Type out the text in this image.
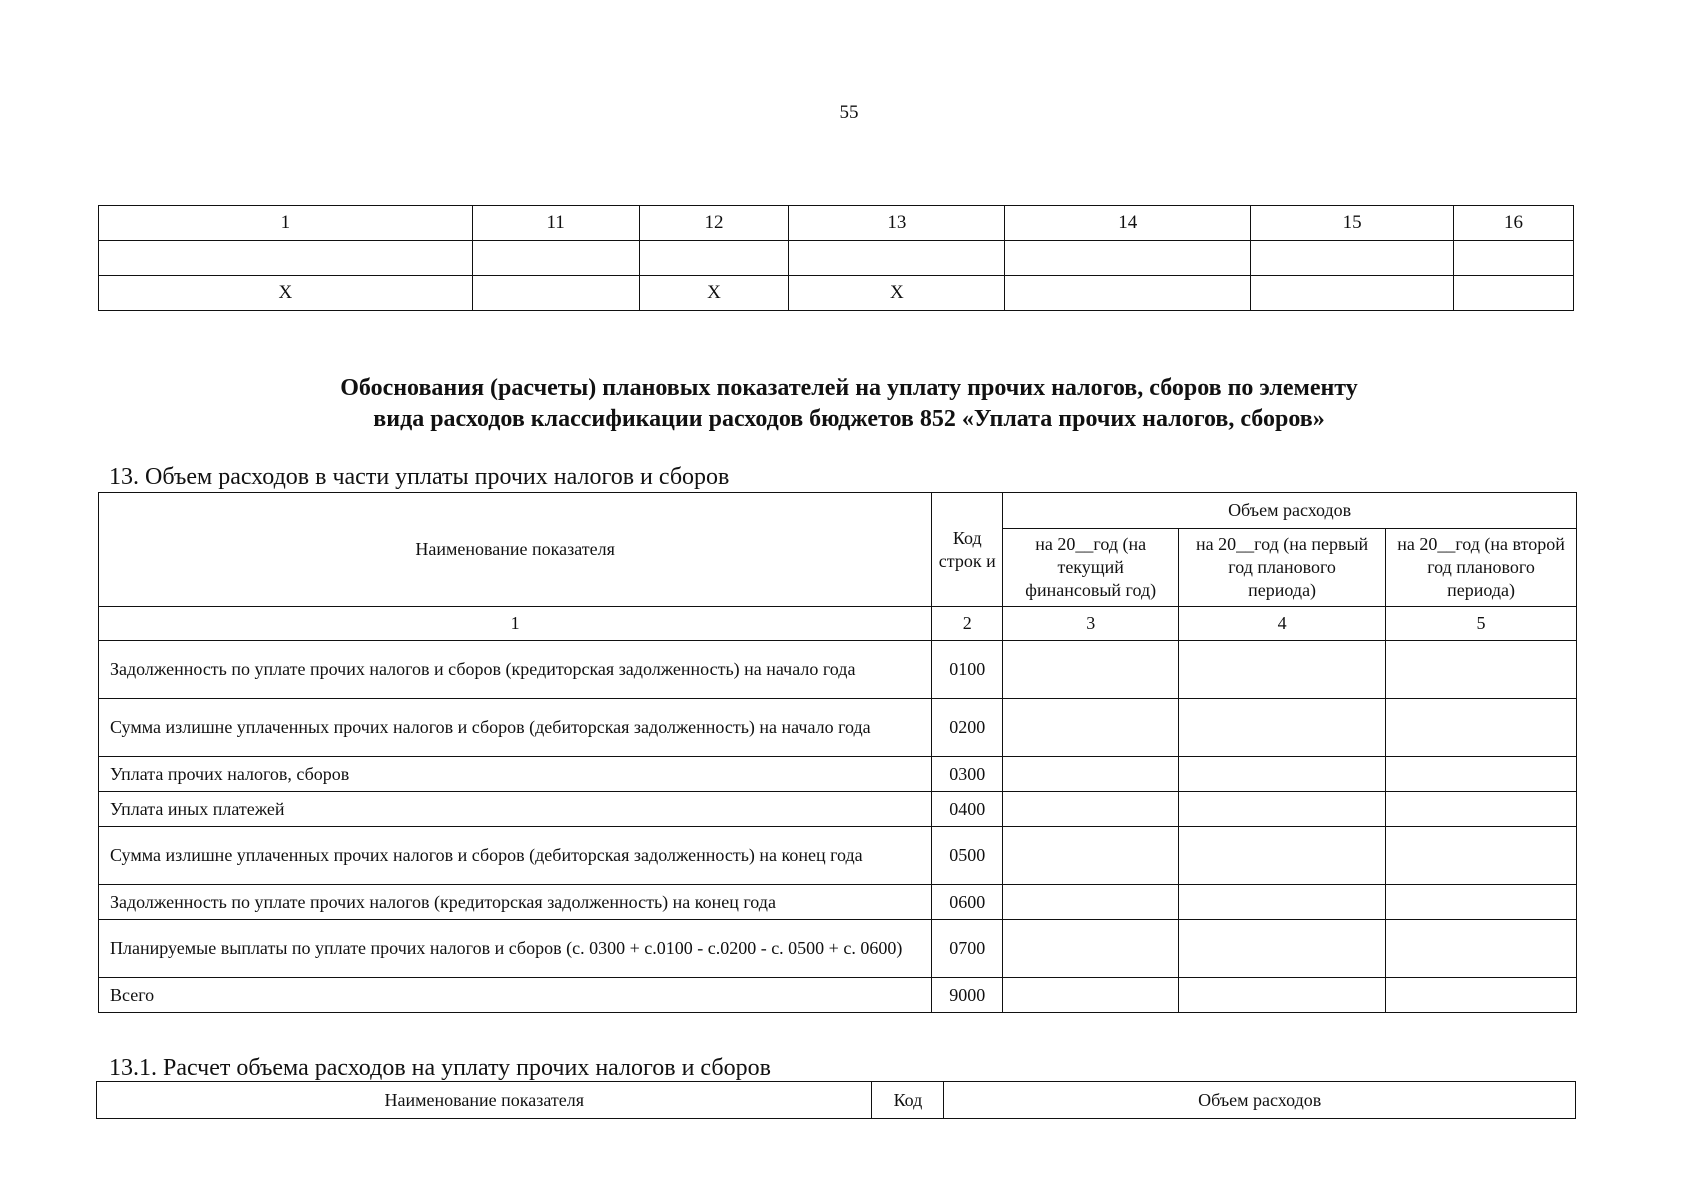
55
1	11	12	13	14	15	16

Х		Х	Х			
Обоснования (расчеты) плановых показателей на уплату прочих налогов, сборов по элементу
вида расходов классификации расходов бюджетов 852 «Уплата прочих налогов, сборов»
13. Объем расходов в части уплаты прочих налогов и сборов
Наименование показателя	Код строк и	Объем расходов		
		на 20__год (на текущий финансовый год)	на 20__год (на первый год планового периода)	на 20__год (на второй год планового периода)
1	2	3	4	5
Задолженность по уплате прочих налогов и сборов (кредиторская задолженность) на начало года	0100			
Сумма излишне уплаченных прочих налогов и сборов (дебиторская задолженность) на начало года	0200			
Уплата прочих налогов, сборов	0300			
Уплата иных платежей	0400			
Сумма излишне уплаченных прочих налогов и сборов (дебиторская задолженность) на конец года	0500			
Задолженность по уплате прочих налогов (кредиторская задолженность) на конец года	0600			
Планируемые выплаты по уплате прочих налогов и сборов (с. 0300 + с.0100 - с.0200 - с. 0500 + с. 0600)	0700			
Всего	9000			
13.1. Расчет объема расходов на уплату прочих налогов и сборов
Наименование показателя	Код	Объем расходов
